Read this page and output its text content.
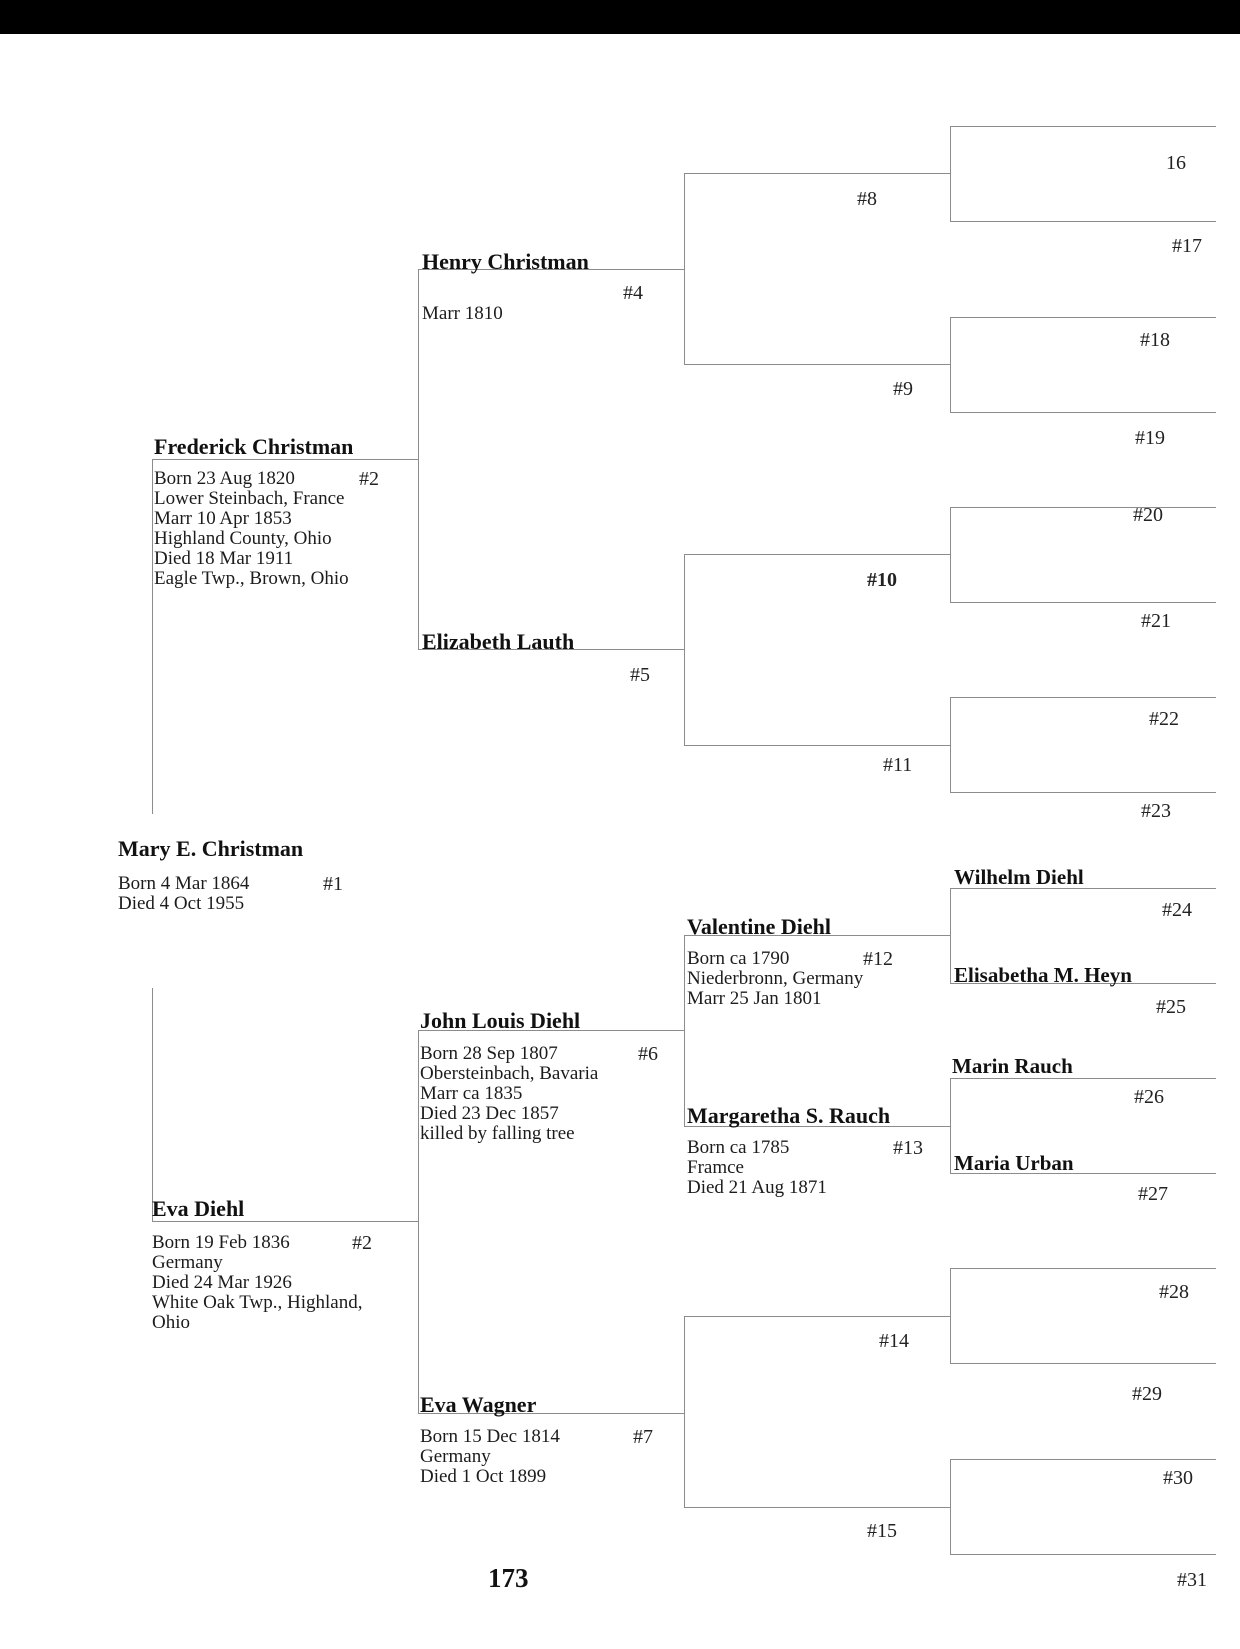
Mary E. Christman
Born 4 Mar 1864
Died 4 Oct 1955
#1
Frederick Christman
#2
Born 23 Aug 1820
Lower Steinbach, France
Marr 10 Apr 1853
Highland County, Ohio
Died 18 Mar 1911
Eagle Twp., Brown, Ohio
Eva Diehl
#2
Born 19 Feb 1836
Germany
Died 24 Mar 1926
White Oak Twp., Highland,
Ohio
Henry Christman
#4
Marr 1810
Elizabeth Lauth
#5
John Louis Diehl
#6
Born 28 Sep 1807
Obersteinbach, Bavaria
Marr ca 1835
Died 23 Dec 1857
killed by falling tree
Eva Wagner
#7
Born 15 Dec 1814
Germany
Died 1 Oct 1899
#8
#9
#10
#11
Valentine Diehl
#12
Born ca 1790
Niederbronn, Germany
Marr 25 Jan 1801
Margaretha S. Rauch
#13
Born ca 1785
Framce
Died 21 Aug 1871
#14
#15
16
#17
#18
#19
#20
#21
#22
#23
Wilhelm Diehl
#24
Elisabetha M. Heyn
#25
Marin Rauch
#26
Maria Urban
#27
#28
#29
#30
#31
173
